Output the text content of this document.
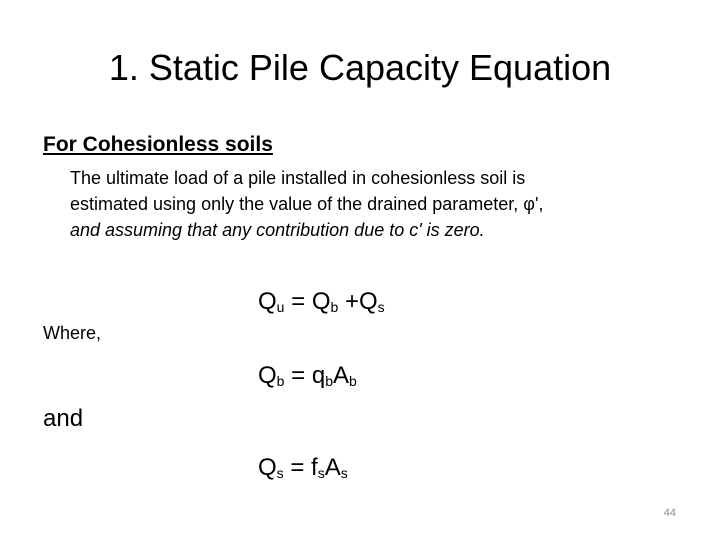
1. Static Pile Capacity Equation
For Cohesionless soils
The ultimate load of a pile installed in cohesionless soil is
estimated using only the value of the drained parameter, φ',
and assuming that any contribution due to c' is zero.
$Q_u = Q_b +Q_s$
Where,
$Q_b = q_bA_b$
and
$Q_s = f_sA_s$
44
